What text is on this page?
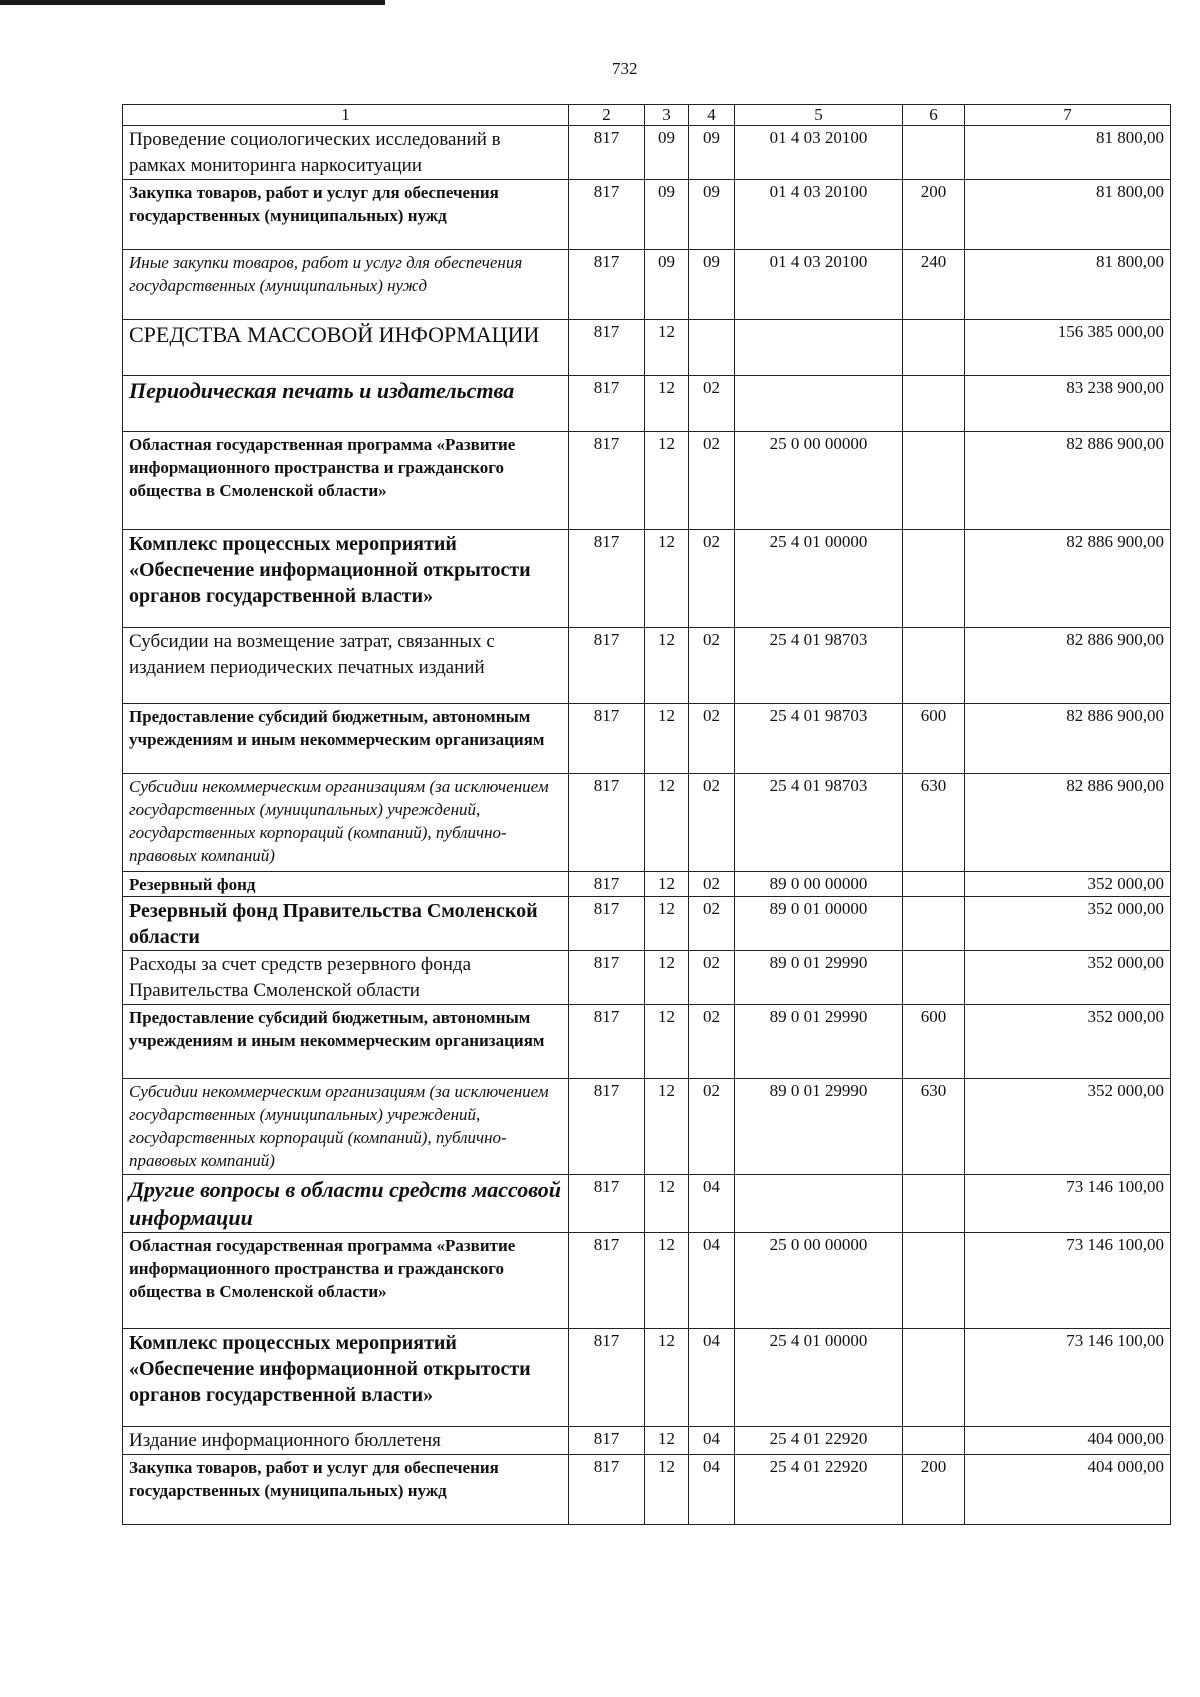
732
1	2	3	4	5	6	7
Проведение социологических исследований в рамках мониторинга наркоситуации	817	09	09	01 4 03 20100		81 800,00
Закупка товаров, работ и услуг для обеспечения государственных (муниципальных) нужд	817	09	09	01 4 03 20100	200	81 800,00
Иные закупки товаров, работ и услуг для обеспечения государственных (муниципальных) нужд	817	09	09	01 4 03 20100	240	81 800,00
СРЕДСТВА МАССОВОЙ ИНФОРМАЦИИ	817	12				156 385 000,00
Периодическая печать и издательства	817	12	02			83 238 900,00
Областная государственная программа «Развитие информационного пространства и гражданского общества в Смоленской области»	817	12	02	25 0 00 00000		82 886 900,00
Комплекс процессных мероприятий «Обеспечение информационной открытости органов государственной власти»	817	12	02	25 4 01 00000		82 886 900,00
Субсидии на возмещение затрат, связанных с изданием периодических печатных изданий	817	12	02	25 4 01 98703		82 886 900,00
Предоставление субсидий бюджетным, автономным учреждениям и иным некоммерческим организациям	817	12	02	25 4 01 98703	600	82 886 900,00
Субсидии некоммерческим организациям (за исключением государственных (муниципальных) учреждений, государственных корпораций (компаний), публично-правовых компаний)	817	12	02	25 4 01 98703	630	82 886 900,00
Резервный фонд	817	12	02	89 0 00 00000		352 000,00
Резервный фонд Правительства Смоленской области	817	12	02	89 0 01 00000		352 000,00
Расходы за счет средств резервного фонда Правительства Смоленской области	817	12	02	89 0 01 29990		352 000,00
Предоставление субсидий бюджетным, автономным учреждениям и иным некоммерческим организациям	817	12	02	89 0 01 29990	600	352 000,00
Субсидии некоммерческим организациям (за исключением государственных (муниципальных) учреждений, государственных корпораций (компаний), публично-правовых компаний)	817	12	02	89 0 01 29990	630	352 000,00
Другие вопросы в области средств массовой информации	817	12	04			73 146 100,00
Областная государственная программа «Развитие информационного пространства и гражданского общества в Смоленской области»	817	12	04	25 0 00 00000		73 146 100,00
Комплекс процессных мероприятий «Обеспечение информационной открытости органов государственной власти»	817	12	04	25 4 01 00000		73 146 100,00
Издание информационного бюллетеня	817	12	04	25 4 01 22920		404 000,00
Закупка товаров, работ и услуг для обеспечения государственных (муниципальных) нужд	817	12	04	25 4 01 22920	200	404 000,00
